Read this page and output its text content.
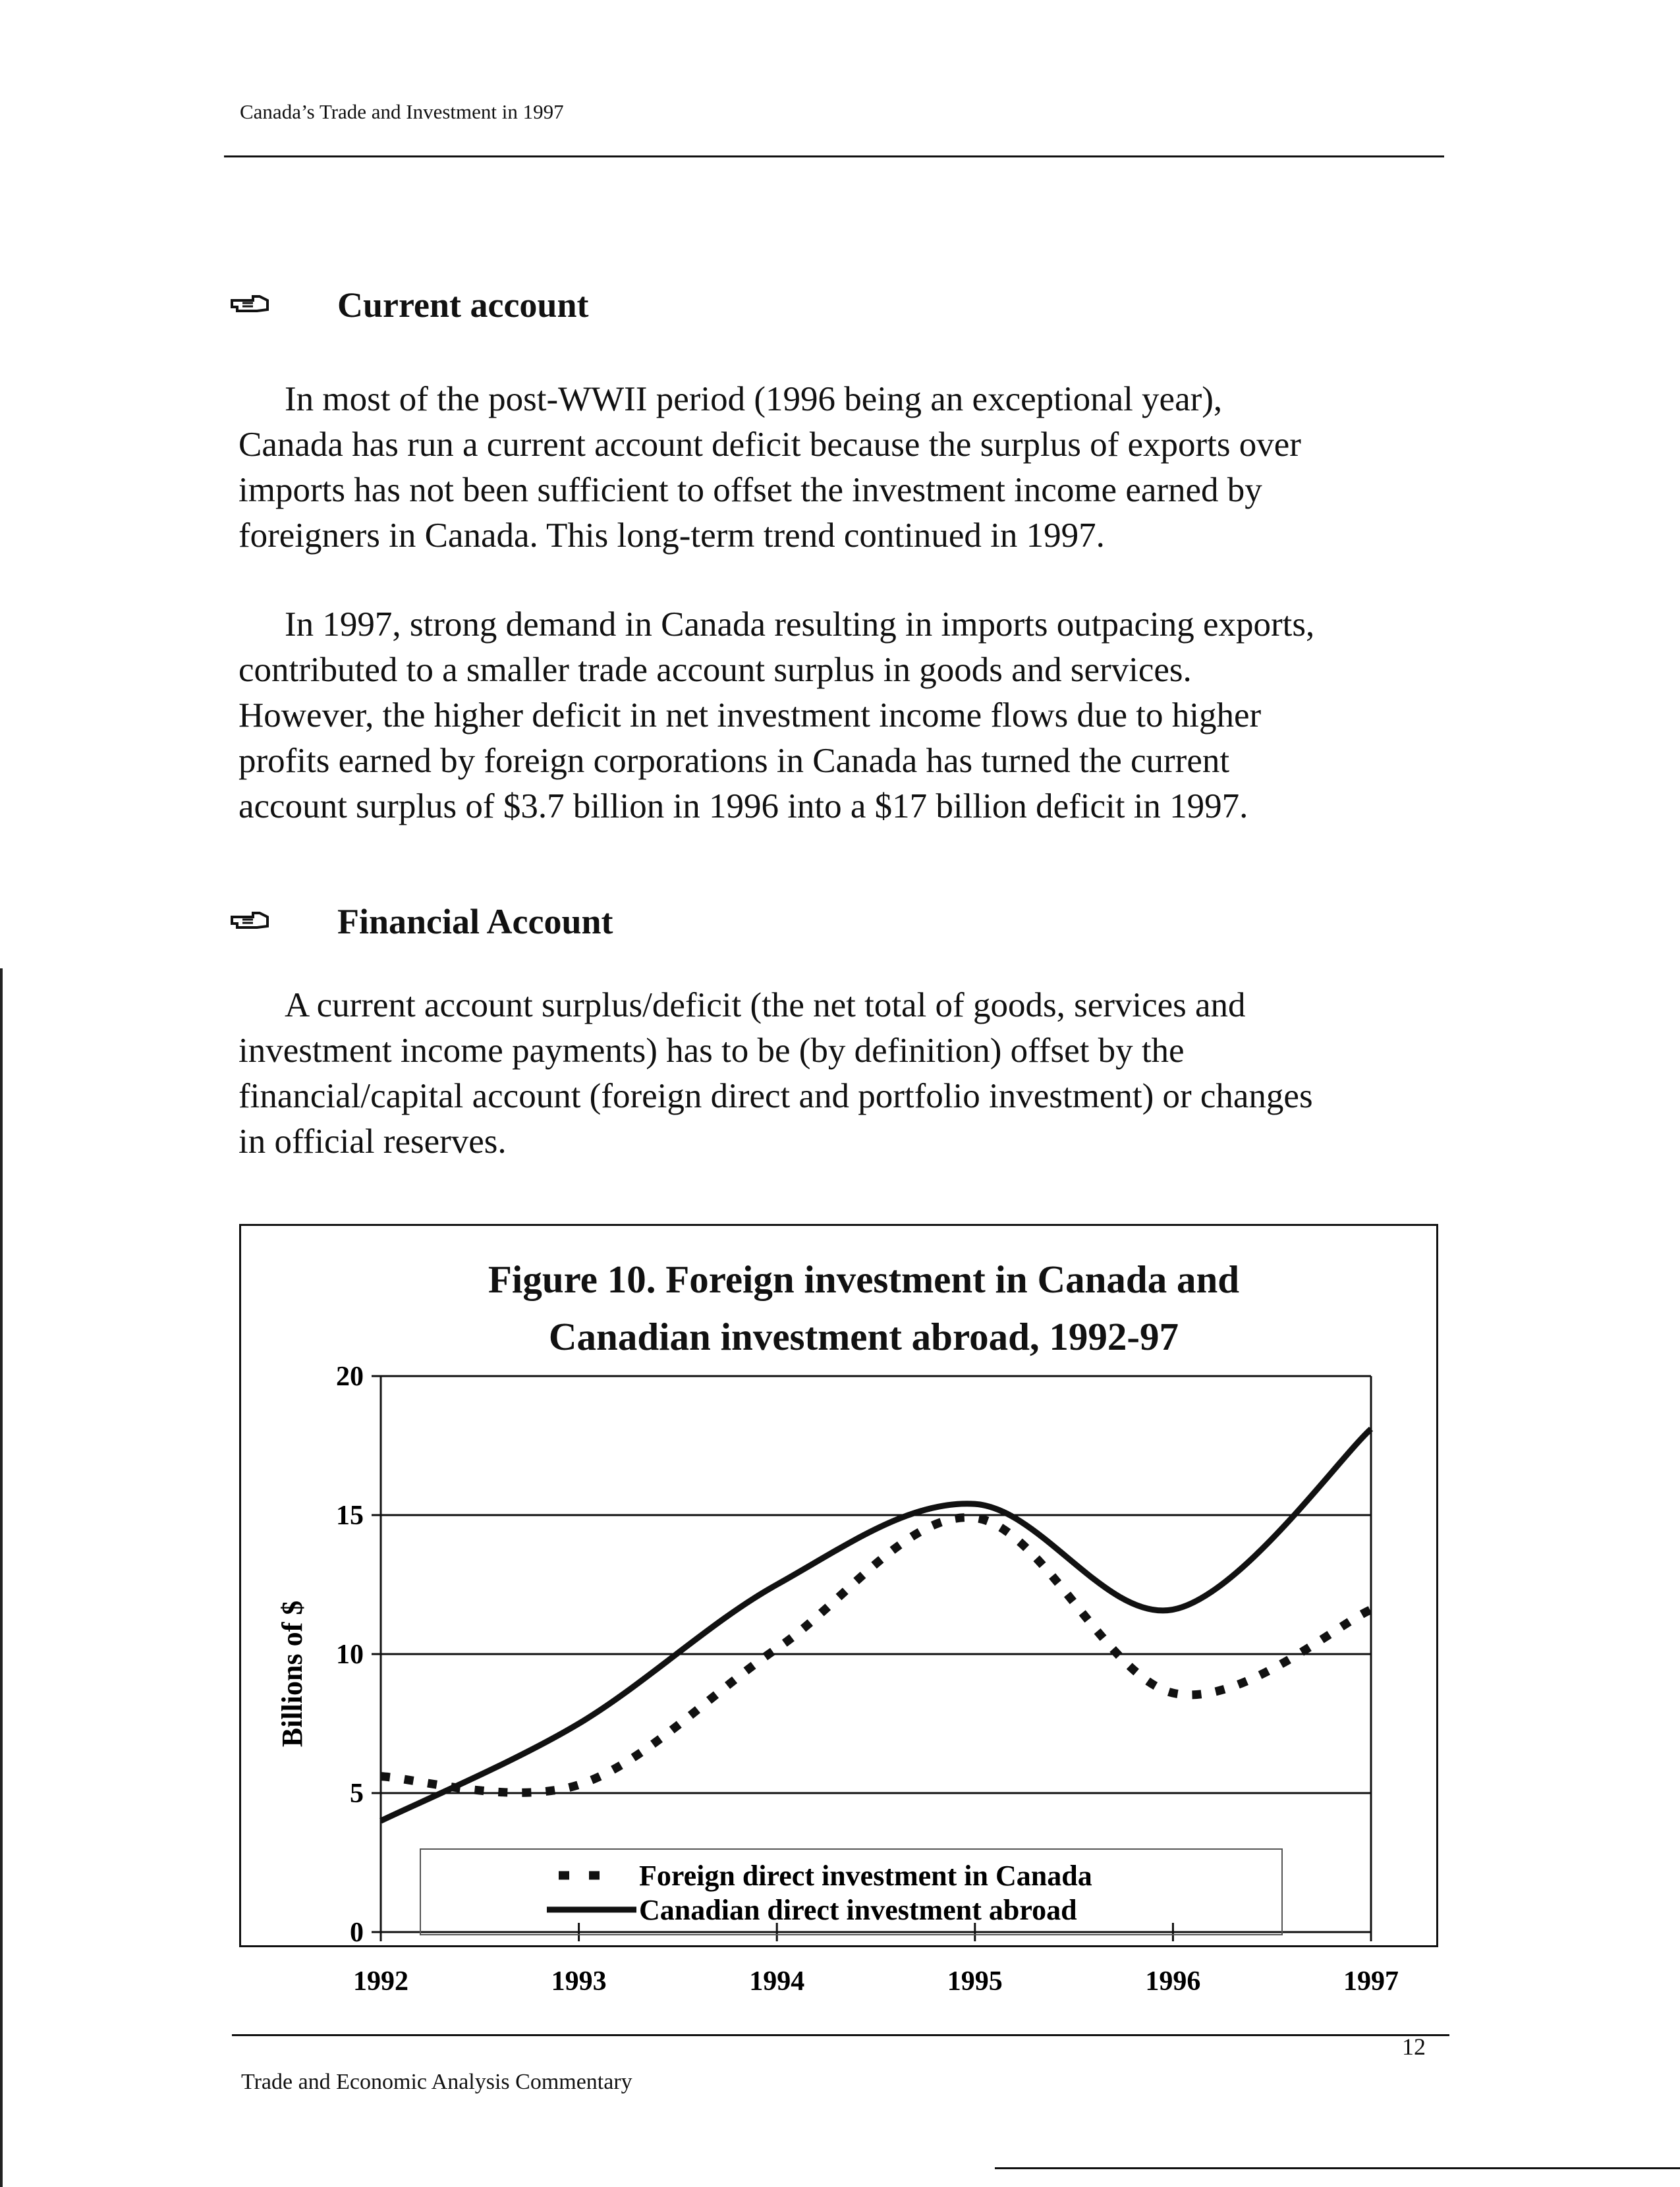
Canada’s Trade and Investment in 1997
Current account
In most of the post-WWII period (1996 being an exceptional year),
Canada has run a current account deficit because the surplus of exports over
imports has not been sufficient to offset the investment income earned by
foreigners in Canada. This long-term trend continued in 1997.
In 1997, strong demand in Canada resulting in imports outpacing exports,
contributed to a smaller trade account surplus in goods and services.
However, the higher deficit in net investment income flows due to higher
profits earned by foreign corporations in Canada has turned the current
account surplus of $3.7 billion in 1996 into a $17 billion deficit in 1997.
Financial Account
A current account surplus/deficit (the net total of goods, services and
investment income payments) has to be (by definition) offset by the
financial/capital account (foreign direct and portfolio investment) or changes
in official reserves.
Figure 10. Foreign investment in Canada and
Canadian investment abroad, 1992-97
0
5
10
15
20
1992	1993	1994	1995	1996	1997
Billions of $
Foreign direct investment in Canada
Canadian direct investment abroad
12
Trade and Economic Analysis Commentary
